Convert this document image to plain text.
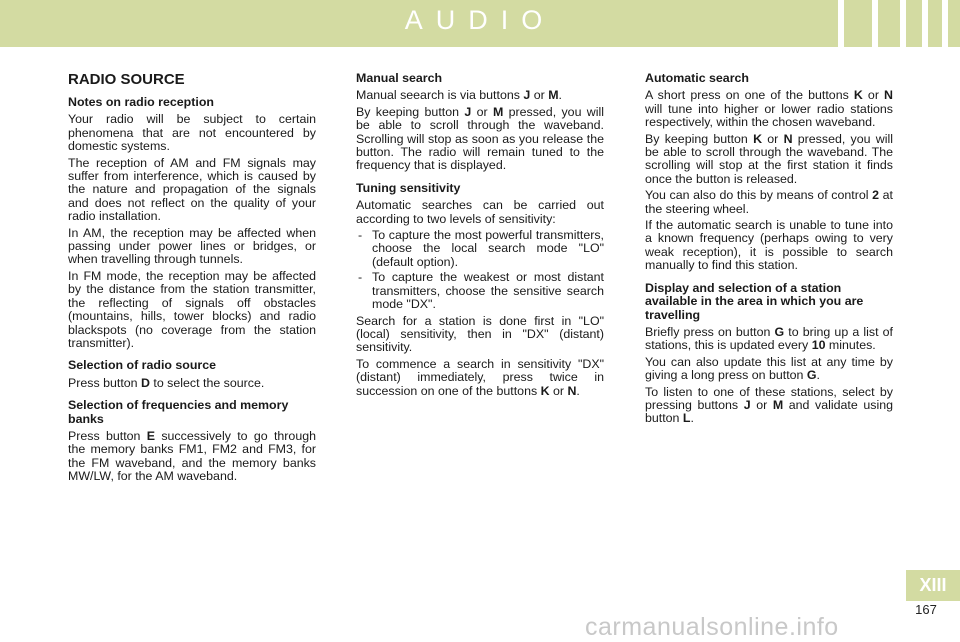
AUDIO
RADIO SOURCE
Notes on radio reception

Your radio will be subject to certain phenomena that are not encountered by domestic systems.

The reception of AM and FM signals may suffer from interference, which is caused by the nature and propagation of the signals and does not reflect on the quality of your radio installation.

In AM, the reception may be affected when passing under power lines or bridges, or when travelling through tunnels.

In FM mode, the reception may be affected by the distance from the station transmitter, the reflecting of signals off obstacles (mountains, hills, tower blocks) and radio blackspots (no coverage from the station transmitter).

Selection of radio source

Press button D to select the source.

Selection of frequencies and memory banks

Press button E successively to go through the memory banks FM1, FM2 and FM3, for the FM waveband, and the memory banks MW/LW, for the AM waveband.

Manual search

Manual seearch is via buttons J or M.

By keeping button J or M pressed, you will be able to scroll through the waveband. Scrolling will stop as soon as you release the button. The radio will remain tuned to the frequency that is displayed.

Tuning sensitivity

Automatic searches can be carried out according to two levels of sensitivity:

- To capture the most powerful transmitters, choose the local search mode "LO" (default option).
- To capture the weakest or most distant transmitters, choose the sensitive search mode "DX".

Search for a station is done first in "LO" (local) sensitivity, then in "DX" (distant) sensitivity.

To commence a search in sensitivity "DX" (distant) immediately, press twice in succession on one of the buttons K or N.

Automatic search

A short press on one of the buttons K or N will tune into higher or lower radio stations respectively, within the chosen waveband.

By keeping button K or N pressed, you will be able to scroll through the waveband. The scrolling will stop at the first station it finds once the button is released.

You can also do this by means of control 2 at the steering wheel.

If the automatic search is unable to tune into a known frequency (perhaps owing to very weak reception), it is possible to search manually to find this station.

Display and selection of a station available in the area in which you are travelling

Briefly press on button G to bring up a list of stations, this is updated every 10 minutes.

You can also update this list at any time by giving a long press on button G.

To listen to one of these stations, select by pressing buttons J or M and validate using button L.

XIII
167
carmanualsonline.info
